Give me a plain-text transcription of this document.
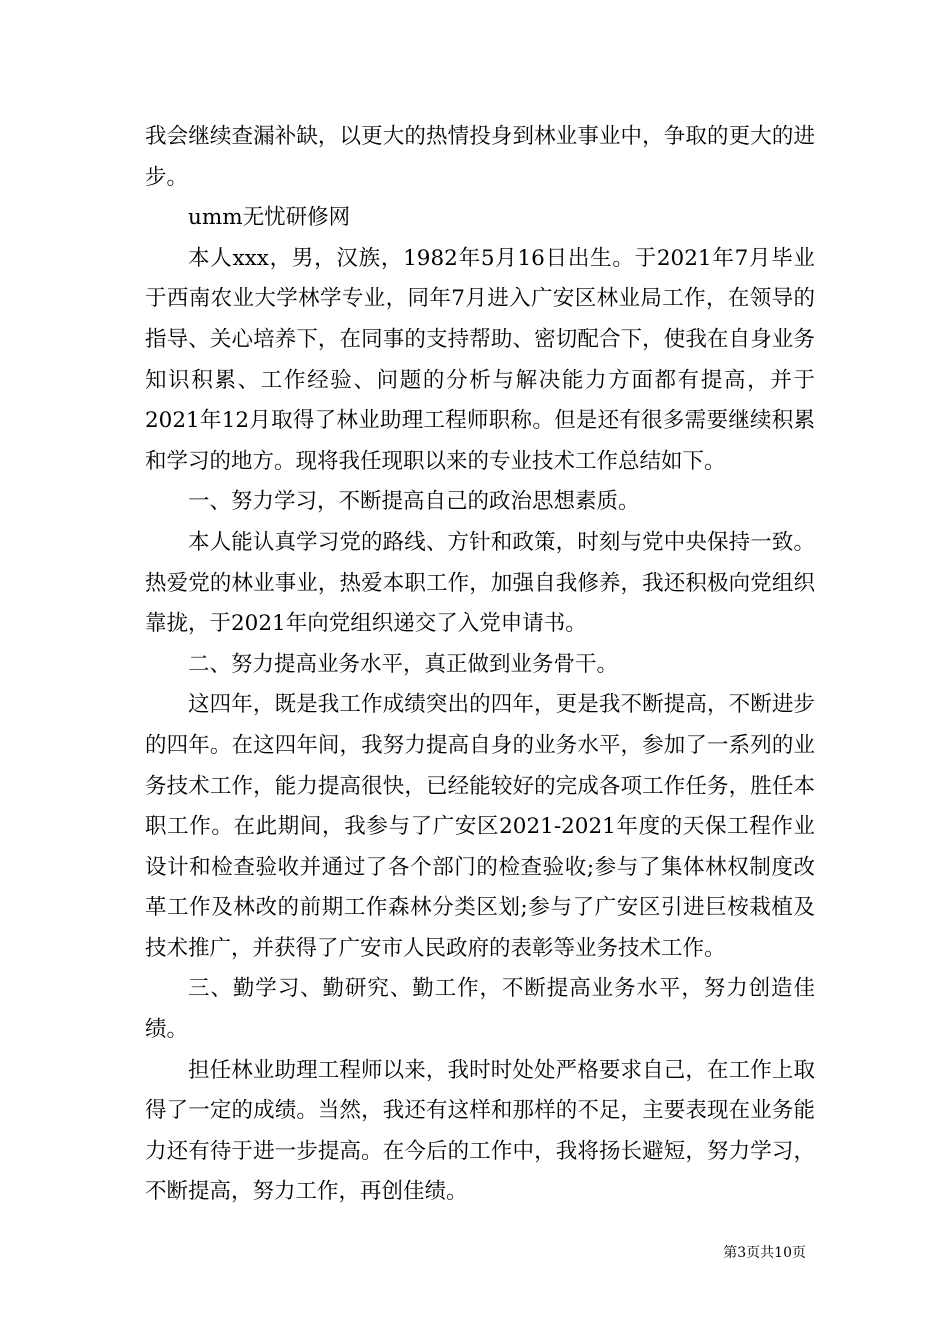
我会继续查漏补缺，以更大的热情投身到林业事业中，争取的更大的进步。

umm无忧研修网

本人xxx，男，汉族，1982年5月16日出生。于2021年7月毕业于西南农业大学林学专业，同年7月进入广安区林业局工作，在领导的指导、关心培养下，在同事的支持帮助、密切配合下，使我在自身业务知识积累、工作经验、问题的分析与解决能力方面都有提高，并于2021年12月取得了林业助理工程师职称。但是还有很多需要继续积累和学习的地方。现将我任现职以来的专业技术工作总结如下。

一、努力学习，不断提高自己的政治思想素质。

本人能认真学习党的路线、方针和政策，时刻与党中央保持一致。热爱党的林业事业，热爱本职工作，加强自我修养，我还积极向党组织靠拢，于2021年向党组织递交了入党申请书。

二、努力提高业务水平，真正做到业务骨干。

这四年，既是我工作成绩突出的四年，更是我不断提高，不断进步的四年。在这四年间，我努力提高自身的业务水平，参加了一系列的业务技术工作，能力提高很快，已经能较好的完成各项工作任务，胜任本职工作。在此期间，我参与了广安区2021-2021年度的天保工程作业设计和检查验收并通过了各个部门的检查验收;参与了集体林权制度改革工作及林改的前期工作森林分类区划;参与了广安区引进巨桉栽植及技术推广，并获得了广安市人民政府的表彰等业务技术工作。

三、勤学习、勤研究、勤工作，不断提高业务水平，努力创造佳绩。

担任林业助理工程师以来，我时时处处严格要求自己，在工作上取得了一定的成绩。当然，我还有这样和那样的不足，主要表现在业务能力还有待于进一步提高。在今后的工作中，我将扬长避短，努力学习，不断提高，努力工作，再创佳绩。

第3页共10页
